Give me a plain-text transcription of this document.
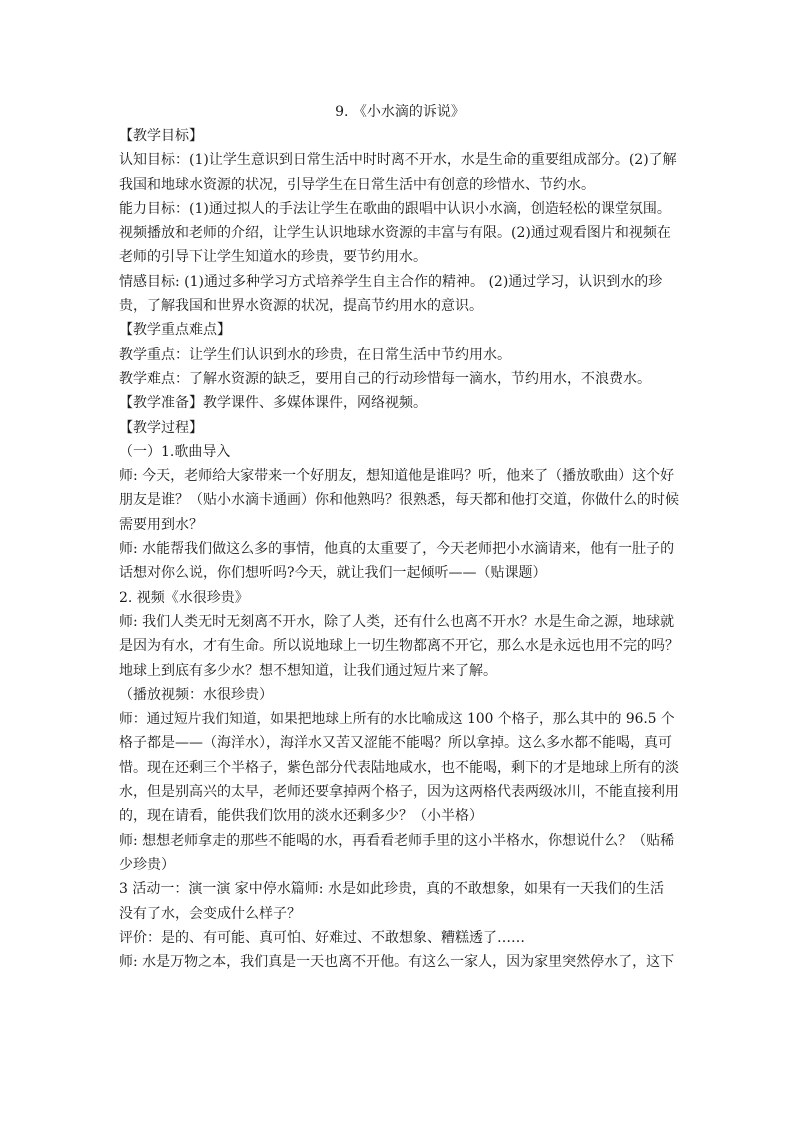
9. 《小水滴的诉说》

【教学目标】

认知目标：(1)让学生意识到日常生活中时时离不开水，水是生命的重要组成部分。(2)了解

我国和地球水资源的状况，引导学生在日常生活中有创意的珍惜水、节约水。

能力目标：(1)通过拟人的手法让学生在歌曲的跟唱中认识小水滴，创造轻松的课堂氛围。

视频播放和老师的介绍，让学生认识地球水资源的丰富与有限。(2)通过观看图片和视频在

老师的引导下让学生知道水的珍贵，要节约用水。

情感目标: (1)通过多种学习方式培养学生自主合作的精神。 (2)通过学习，认识到水的珍

贵，了解我国和世界水资源的状况，提高节约用水的意识。

【教学重点难点】

教学重点：让学生们认识到水的珍贵，在日常生活中节约用水。

教学难点：了解水资源的缺乏，要用自己的行动珍惜每一滴水，节约用水，不浪费水。

【教学准备】教学课件、多媒体课件，网络视频。

【教学过程】

（一）1.歌曲导入

师: 今天，老师给大家带来一个好朋友，想知道他是谁吗？听，他来了（播放歌曲）这个好

朋友是谁？（贴小水滴卡通画）你和他熟吗？很熟悉，每天都和他打交道，你做什么的时候

需要用到水？

师: 水能帮我们做这么多的事情，他真的太重要了，今天老师把小水滴请来，他有一肚子的

话想对你么说，你们想听吗?今天，就让我们一起倾听——（贴课题）

2. 视频《水很珍贵》

师: 我们人类无时无刻离不开水，除了人类，还有什么也离不开水？水是生命之源，地球就

是因为有水，才有生命。所以说地球上一切生物都离不开它，那么水是永远也用不完的吗？

地球上到底有多少水？想不想知道，让我们通过短片来了解。

（播放视频：水很珍贵）

师：通过短片我们知道，如果把地球上所有的水比喻成这 100 个格子，那么其中的 96.5 个

格子都是——（海洋水），海洋水又苦又涩能不能喝？所以拿掉。这么多水都不能喝，真可

惜。现在还剩三个半格子，紫色部分代表陆地咸水，也不能喝，剩下的才是地球上所有的淡

水，但是别高兴的太早，老师还要拿掉两个格子，因为这两格代表两级冰川，不能直接利用

的，现在请看，能供我们饮用的淡水还剩多少？（小半格）

师: 想想老师拿走的那些不能喝的水，再看看老师手里的这小半格水，你想说什么？（贴稀

少珍贵）

3 活动一：演一演 家中停水篇师: 水是如此珍贵，真的不敢想象，如果有一天我们的生活

没有了水，会变成什么样子？

评价：是的、有可能、真可怕、好难过、不敢想象、糟糕透了……

师: 水是万物之本，我们真是一天也离不开他。有这么一家人，因为家里突然停水了，这下
